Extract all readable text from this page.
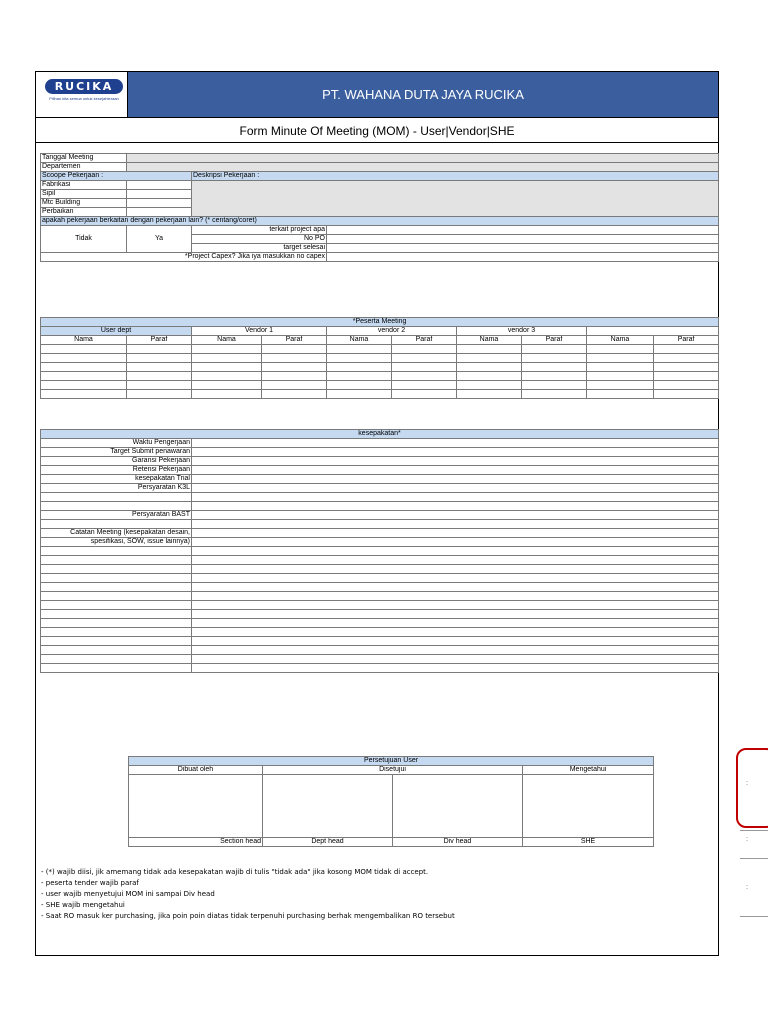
RUCIKA
Pilihan kita semua untuk kesejahteraan	PT. WAHANA DUTA JAYA RUCIKA
Form Minute Of Meeting (MOM) - User|Vendor|SHE
Tanggal Meeting			
Departemen			
Scoope Pekerjaan :		Deskripsi Pekerjaan :	
Fabrikasi			
Sipil			
Mtc Building			
Perbaikan			
apakah pekerjaan berkaitan dengan pekerjaan lain? (* centang/coret)			
Tidak	Ya	terkait project apa	
		No PO	
		target selesai	
*Project Capex? Jika iya masukkan no capex			
*Peserta Meeting									
User dept		Vendor 1		vendor 2		vendor 3			
Nama	Paraf	Nama	Paraf	Nama	Paraf	Nama	Paraf	Nama	Paraf

kesepakatan*	
Waktu Pengerjaan	
Target Submit penawaran	
Garansi Pekerjaan	
Retensi Pekerjaan	
kesepakatan Trial	
Persyaratan K3L	

Persyaratan BAST	

Catatan Meeting (kesepakatan desain,	
spesifikasi, SOW, issue lainnya)	

Persetujuan User			
Dibuat oleh	Disetujui		Mengetahui

Section head	Dept head	Div head	SHE
- (*) wajib diisi, jik amemang tidak ada kesepakatan wajib di tulis "tidak ada" jika kosong MOM tidak di accept.
- peserta tender wajib paraf
- user wajib menyetujui MOM ini sampai Div head
- SHE wajib mengetahui
- Saat RO masuk ker purchasing, jika poin poin diatas tidak terpenuhi purchasing berhak mengembalikan RO tersebut
:
:
:
